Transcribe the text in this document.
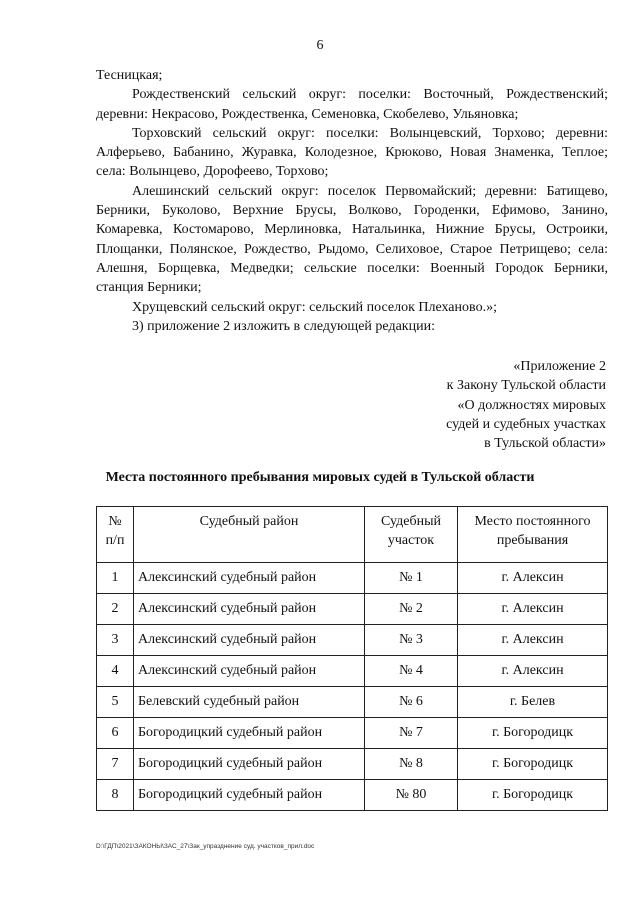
6

Тесницкая;

Рождественский сельский округ: поселки: Восточный, Рождественский; деревни: Некрасово, Рождественка, Семеновка, Скобелево, Ульяновка;

Торховский сельский округ: поселки: Волынцевский, Торхово; деревни: Алферьево, Бабанино, Журавка, Колодезное, Крюково, Новая Знаменка, Теплое; села: Волынцево, Дорофеево, Торхово;

Алешинский сельский округ: поселок Первомайский; деревни: Батищево, Берники, Буколово, Верхние Брусы, Волково, Городенки, Ефимово, Занино, Комаревка, Костомарово, Мерлиновка, Натальинка, Нижние Брусы, Остроики, Площанки, Полянское, Рождество, Рыдомо, Селиховое, Старое Петрищево; села: Алешня, Борщевка, Медведки; сельские поселки: Военный Городок Берники, станция Берники;

Хрущевский сельский округ: сельский поселок Плехановo.»;

3) приложение 2 изложить в следующей редакции:

«Приложение 2
к Закону Тульской области
«О должностях мировых
судей и судебных участках
в Тульской области»
Места постоянного пребывания мировых судей в Тульской области
№ п/п	Судебный район	Судебный участок	Место постоянного пребывания
1	Алексинский судебный район	№ 1	г. Алексин
2	Алексинский судебный район	№ 2	г. Алексин
3	Алексинский судебный район	№ 3	г. Алексин
4	Алексинский судебный район	№ 4	г. Алексин
5	Белевский судебный район	№ 6	г. Белев
6	Богородицкий судебный район	№ 7	г. Богородицк
7	Богородицкий судебный район	№ 8	г. Богородицк
8	Богородицкий судебный район	№ 80	г. Богородицк
D:\ГДП\2021\ЗАКОНЫ\ЗАС_27\Зак_упразднение суд. участков_прил.doc
